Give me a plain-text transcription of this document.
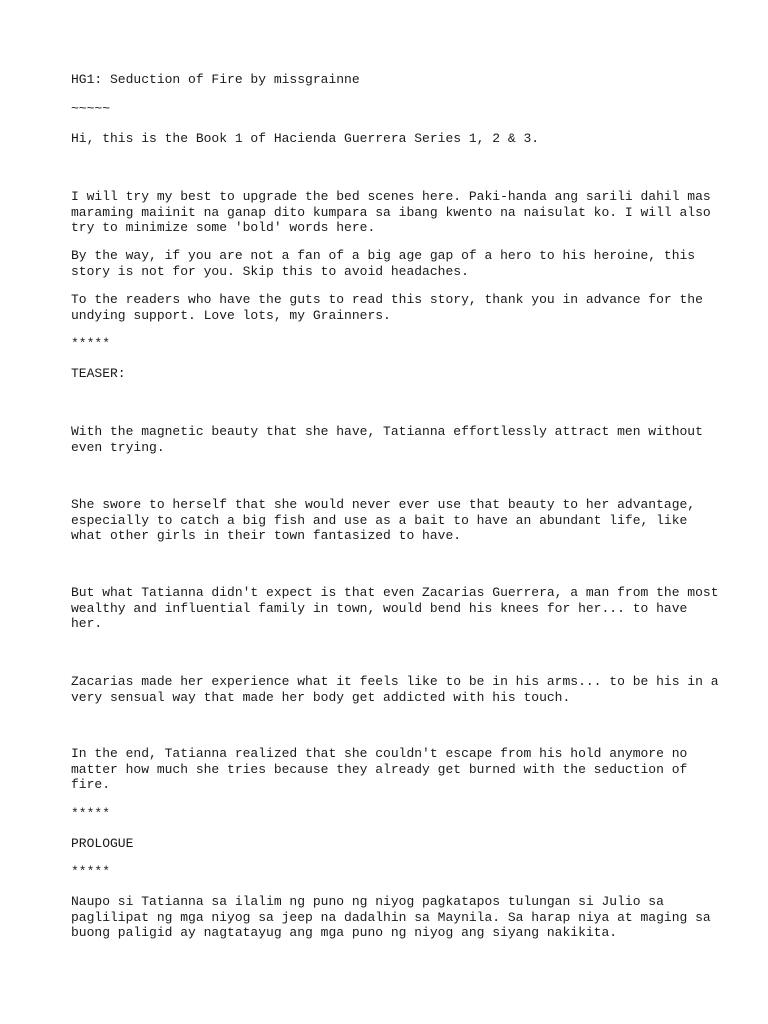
HG1: Seduction of Fire by missgrainne

~~~~~

Hi, this is the Book 1 of Hacienda Guerrera Series 1, 2 & 3.

I will try my best to upgrade the bed scenes here. Paki-handa ang sarili dahil mas

maraming maiinit na ganap dito kumpara sa ibang kwento na naisulat ko. I will also

try to minimize some 'bold' words here.

By the way, if you are not a fan of a big age gap of a hero to his heroine, this

story is not for you. Skip this to avoid headaches.

To the readers who have the guts to read this story, thank you in advance for the

undying support. Love lots, my Grainners.

*****

TEASER:

With the magnetic beauty that she have, Tatianna effortlessly attract men without

even trying.

She swore to herself that she would never ever use that beauty to her advantage,

especially to catch a big fish and use as a bait to have an abundant life, like

what other girls in their town fantasized to have.

But what Tatianna didn't expect is that even Zacarias Guerrera, a man from the most

wealthy and influential family in town, would bend his knees for her... to have

her.

Zacarias made her experience what it feels like to be in his arms... to be his in a

very sensual way that made her body get addicted with his touch.

In the end, Tatianna realized that she couldn't escape from his hold anymore no

matter how much she tries because they already get burned with the seduction of

fire.

*****

PROLOGUE

*****

Naupo si Tatianna sa ilalim ng puno ng niyog pagkatapos tulungan si Julio sa

paglilipat ng mga niyog sa jeep na dadalhin sa Maynila. Sa harap niya at maging sa

buong paligid ay nagtatayug ang mga puno ng niyog ang siyang nakikita.
